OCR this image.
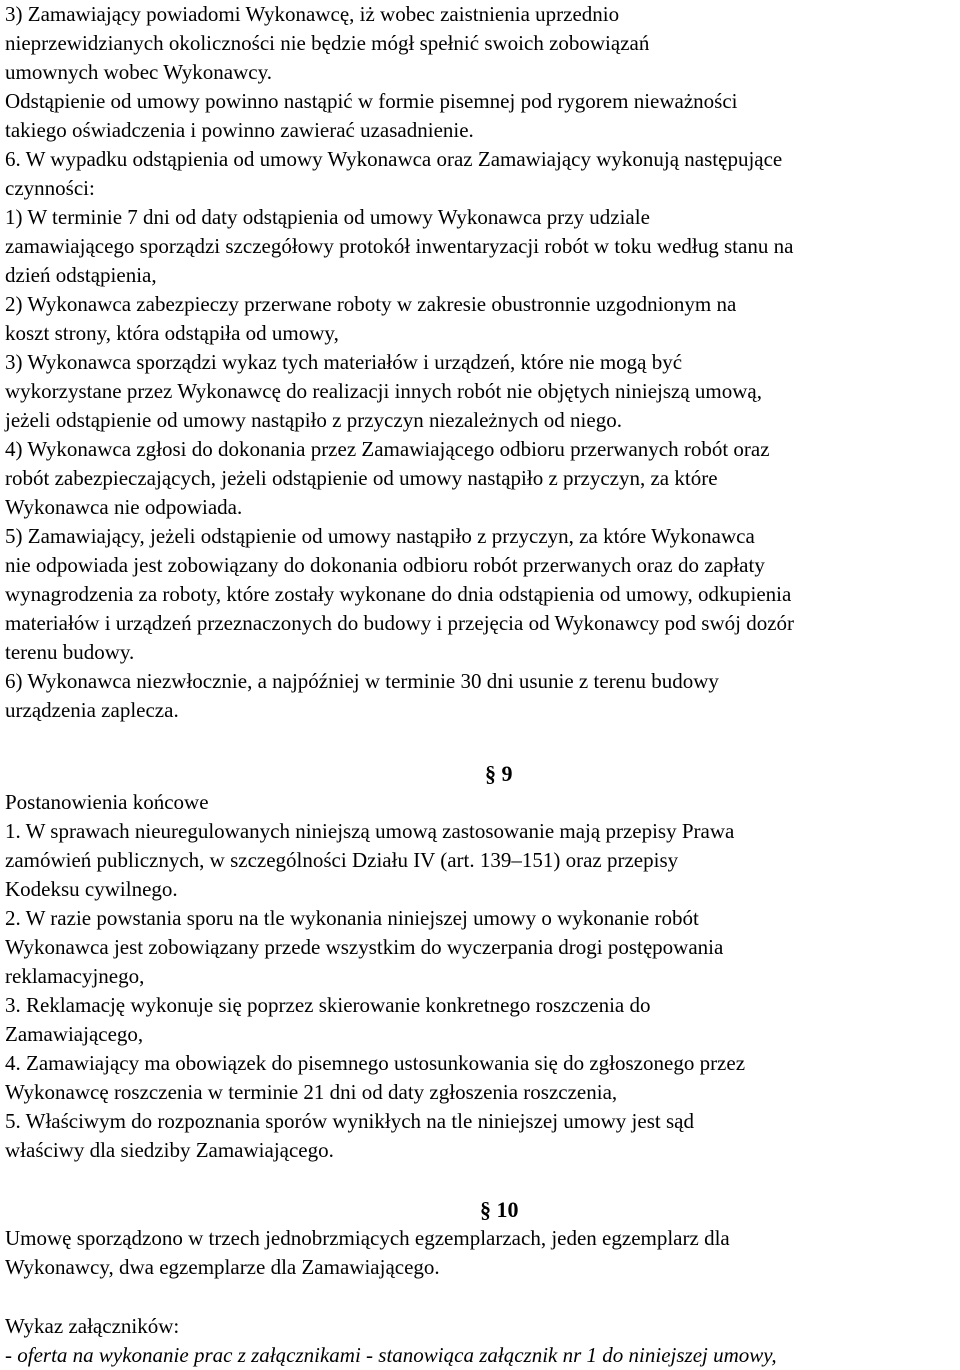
3) Zamawiający powiadomi Wykonawcę, iż wobec zaistnienia uprzednio
nieprzewidzianych okoliczności nie będzie mógł spełnić swoich zobowiązań
umownych wobec Wykonawcy.
Odstąpienie od umowy powinno nastąpić w formie pisemnej pod rygorem nieważności
takiego oświadczenia i powinno zawierać uzasadnienie.
6. W wypadku odstąpienia od umowy Wykonawca oraz Zamawiający wykonują następujące
czynności:
1) W terminie 7 dni od daty odstąpienia od umowy Wykonawca przy udziale
zamawiającego sporządzi szczegółowy protokół inwentaryzacji robót w toku według stanu na
dzień odstąpienia,
2) Wykonawca zabezpieczy przerwane roboty w zakresie obustronnie uzgodnionym na
koszt strony, która odstąpiła od umowy,
3) Wykonawca sporządzi wykaz tych materiałów i urządzeń, które nie mogą być
wykorzystane przez Wykonawcę do realizacji innych robót nie objętych niniejszą umową,
jeżeli odstąpienie od umowy nastąpiło z przyczyn niezależnych od niego.
4) Wykonawca zgłosi do dokonania przez Zamawiającego odbioru przerwanych robót oraz
robót zabezpieczających, jeżeli odstąpienie od umowy nastąpiło z przyczyn, za które
Wykonawca nie odpowiada.
5) Zamawiający, jeżeli odstąpienie od umowy nastąpiło z przyczyn, za które Wykonawca
nie odpowiada jest zobowiązany do dokonania odbioru robót przerwanych oraz do zapłaty
wynagrodzenia za roboty, które zostały wykonane do dnia odstąpienia od umowy, odkupienia
materiałów i urządzeń przeznaczonych do budowy i przejęcia od Wykonawcy pod swój dozór
terenu budowy.
6) Wykonawca niezwłocznie, a najpóźniej w terminie 30 dni usunie z terenu budowy
urządzenia zaplecza.
§ 9
Postanowienia końcowe
1. W sprawach nieuregulowanych niniejszą umową zastosowanie mają przepisy Prawa
zamówień publicznych, w szczególności Działu IV (art. 139–151) oraz przepisy
Kodeksu cywilnego.
2. W razie powstania sporu na tle wykonania niniejszej umowy o wykonanie robót
Wykonawca jest zobowiązany przede wszystkim do wyczerpania drogi postępowania
reklamacyjnego,
3. Reklamację wykonuje się poprzez skierowanie konkretnego roszczenia do
Zamawiającego,
4. Zamawiający ma obowiązek do pisemnego ustosunkowania się do zgłoszonego przez
Wykonawcę roszczenia w terminie 21 dni od daty zgłoszenia roszczenia,
5. Właściwym do rozpoznania sporów wynikłych na tle niniejszej umowy jest sąd
właściwy dla siedziby Zamawiającego.
§ 10
Umowę sporządzono w trzech jednobrzmiących egzemplarzach, jeden egzemplarz dla
Wykonawcy, dwa egzemplarze dla Zamawiającego.
Wykaz załączników:
- oferta na wykonanie prac z załącznikami - stanowiąca załącznik nr 1 do niniejszej umowy,
